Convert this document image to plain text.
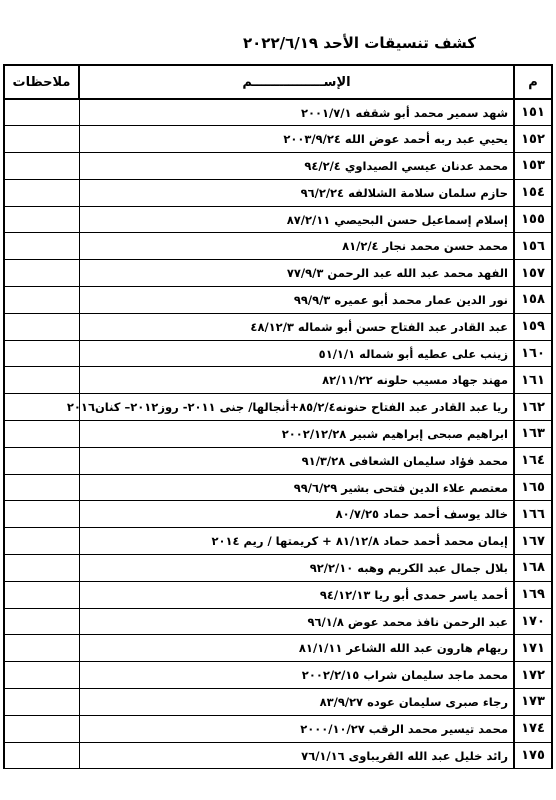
كشف تنسيقات الأحد ٢٠٢٢/٦/١٩
م	الإســــــــــــــــم	ملاحظات
١٥١	شهد سمير محمد أبو شقفه ٢٠٠١/٧/١	
١٥٢	يحيي عبد ربه أحمد عوض الله ٢٠٠٣/٩/٢٤	
١٥٣	محمد عدنان عيسي الصيداوي ٩٤/٢/٤	
١٥٤	حازم سلمان سلامة الشلالفه ٩٦/٢/٢٤	
١٥٥	إسلام إسماعيل حسن البحيصي ٨٧/٢/١١	
١٥٦	محمد حسن محمد نجار ٨١/٢/٤	
١٥٧	الفهد محمد عبد الله عبد الرحمن ٧٧/٩/٣	
١٥٨	نور الدين عمار محمد أبو عميره ٩٩/٩/٣	
١٥٩	عبد القادر عبد الفتاح حسن أبو شماله ٤٨/١٢/٣	
١٦٠	زينب على عطيه أبو شماله ٥١/١/١	
١٦١	مهند جهاد مسيب حلونه ٨٢/١١/٢٢	
١٦٢	ريا عبد القادر عبد الفتاح حنونه٨٥/٢/٤+أنجالها/ جنى ٢٠١١- روز٢٠١٢– كنان٢٠١٦	
١٦٣	ابراهيم صبحى إبراهيم شبير ٢٠٠٢/١٢/٢٨	
١٦٤	محمد فؤاد سليمان الشعافى ٩١/٣/٢٨	
١٦٥	معتصم علاء الدين فتحى بشير ٩٩/٦/٢٩	
١٦٦	خالد يوسف أحمد حماد ٨٠/٧/٢٥	
١٦٧	إيمان محمد أحمد حماد ٨١/١٢/٨ + كريمتها / ريم ٢٠١٤	
١٦٨	بلال جمال عبد الكريم وهبه ٩٢/٢/١٠	
١٦٩	أحمد ياسر حمدى أبو ريا ٩٤/١٢/١٣	
١٧٠	عبد الرحمن نافذ محمد عوض ٩٦/١/٨	
١٧١	ريهام هارون عبد الله الشاعر ٨١/١/١١	
١٧٢	محمد ماجد سليمان شراب ٢٠٠٢/٢/١٥	
١٧٣	رجاء صبرى سليمان عوده ٨٣/٩/٢٧	
١٧٤	محمد تيسير محمد الرقب ٢٠٠٠/١٠/٢٧	
١٧٥	رائد خليل عبد الله القريباوى ٧٦/١/١٦	
